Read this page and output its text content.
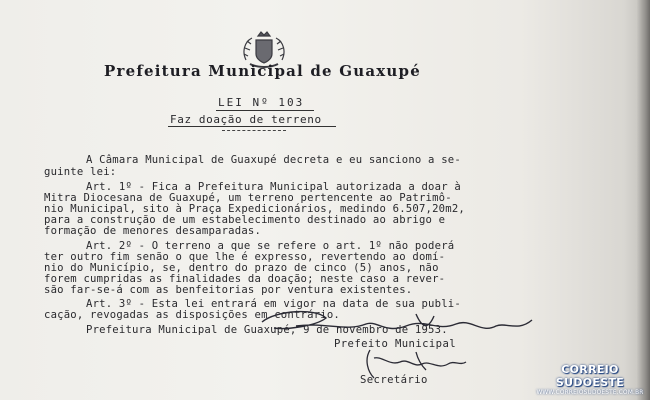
Prefeitura Municipal de Guaxupé
LEI Nº 103
Faz doação de terreno
A Câmara Municipal de Guaxupé decreta e eu sanciono a se-
guinte lei:
Art. 1º - Fica a Prefeitura Municipal autorizada a doar à
Mitra Diocesana de Guaxupé, um terreno pertencente ao Patrimô-
nio Municipal, sito à Praça Expedicionários, medindo 6.507,20m2,
para a construção de um estabelecimento destinado ao abrigo e
formação de menores desamparadas.
Art. 2º - O terreno a que se refere o art. 1º não poderá
ter outro fim senão o que lhe é expresso, revertendo ao domí-
nio do Município, se, dentro do prazo de cinco (5) anos, não
forem cumpridas as finalidades da doação; neste caso a rever-
são far-se-á com as benfeitorias por ventura existentes.
Art. 3º - Esta lei entrará em vigor na data de sua publi-
cação, revogadas as disposições em contrário.
Prefeitura Municipal de Guaxupé, 9 de novembro de 1953.
Prefeito Municipal
Secretário
CORREIO SUDOESTE
WWW.CORREIOSUDOESTE.COM.BR
